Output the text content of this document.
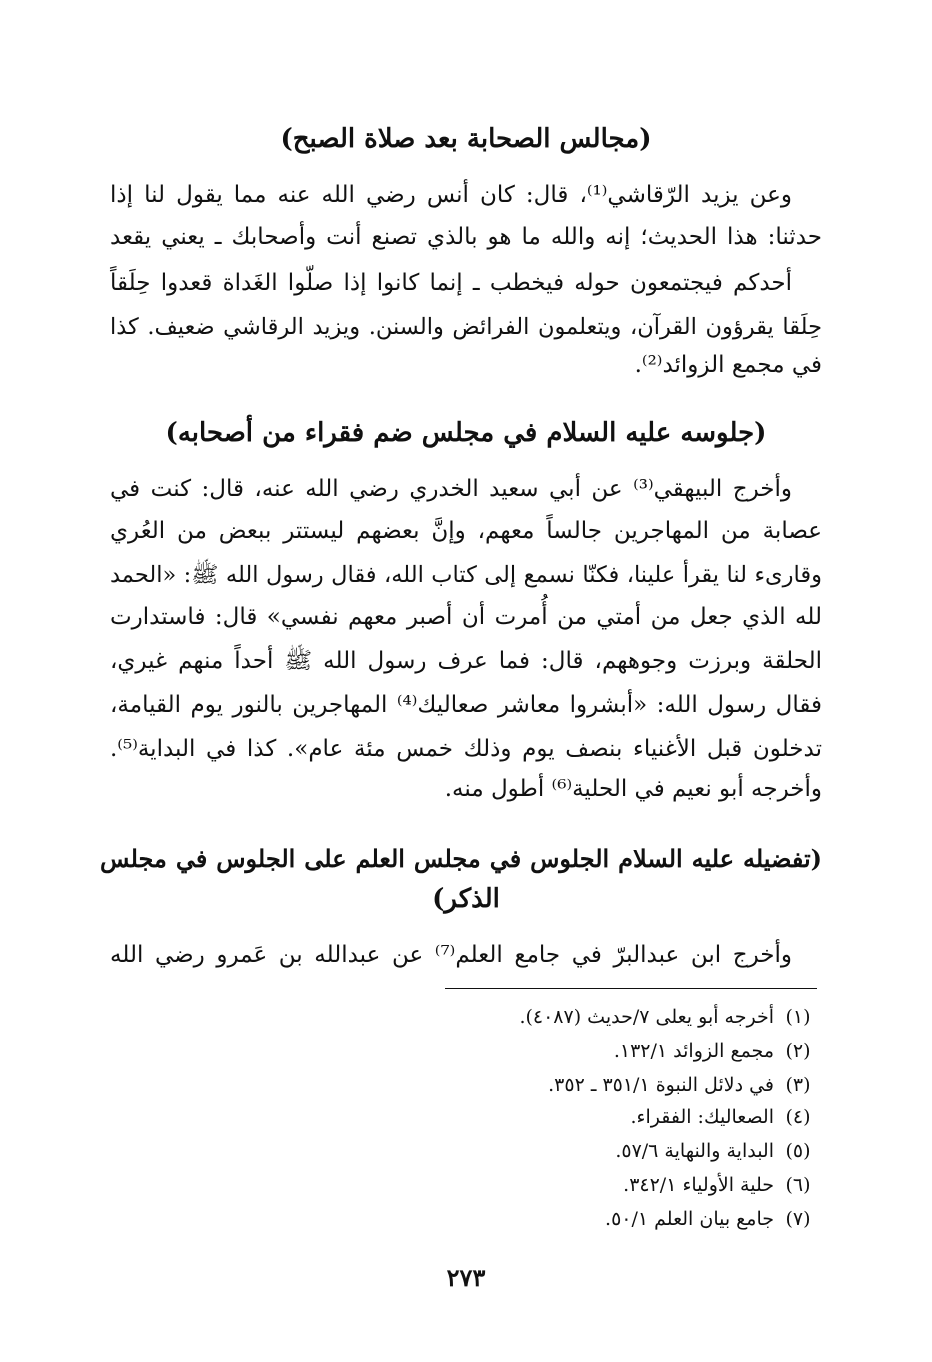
(مجالس الصحابة بعد صلاة الصبح)
وعن يزيد الرّقاشي⁽¹⁾، قال: كان أنس رضي الله عنه مما يقول لنا إذا
حدثنا: هذا الحديث؛ إنه والله ما هو بالذي تصنع أنت وأصحابك ـ يعني يقعد
أحدكم فيجتمعون حوله فيخطب ـ إنما كانوا إذا صلّوا الغَداة قعدوا حِلَقاً
حِلَقا يقرؤون القرآن، ويتعلمون الفرائض والسنن. ويزيد الرقاشي ضعيف. كذا
في مجمع الزوائد⁽²⁾.
(جلوسه عليه السلام في مجلس ضم فقراء من أصحابه)
وأخرج البيهقي⁽³⁾ عن أبي سعيد الخدري رضي الله عنه، قال: كنت في
عصابة من المهاجرين جالساً معهم، وإنَّ بعضهم ليستتر ببعض من العُري
وقارىء لنا يقرأ علينا، فكنّا نسمع إلى كتاب الله، فقال رسول الله ﷺ: «الحمد
لله الذي جعل من أمتي من أُمرت أن أصبر معهم نفسي» قال: فاستدارت
الحلقة وبرزت وجوههم، قال: فما عرف رسول الله ﷺ أحداً منهم غيري،
فقال رسول الله: «أبشروا معاشر صعاليك⁽⁴⁾ المهاجرين بالنور يوم القيامة،
تدخلون قبل الأغنياء بنصف يوم وذلك خمس مئة عام». كذا في البداية⁽⁵⁾.
وأخرجه أبو نعيم في الحلية⁽⁶⁾ أطول منه.
(تفضيله عليه السلام الجلوس في مجلس العلم على الجلوس في مجلس
الذكر)
وأخرج ابن عبدالبرّ في جامع العلم⁽⁷⁾ عن عبدالله بن عَمرو رضي الله
(١)أخرجه أبو يعلى ٧/حديث (٤٠٨٧).
(٢)مجمع الزوائد ١٣٢/١.
(٣)في دلائل النبوة ٣٥١/١ ـ ٣٥٢.
(٤)الصعاليك: الفقراء.
(٥)البداية والنهاية ٥٧/٦.
(٦)حلية الأولياء ٣٤٢/١.
(٧)جامع بيان العلم ٥٠/١.
٢٧٣
